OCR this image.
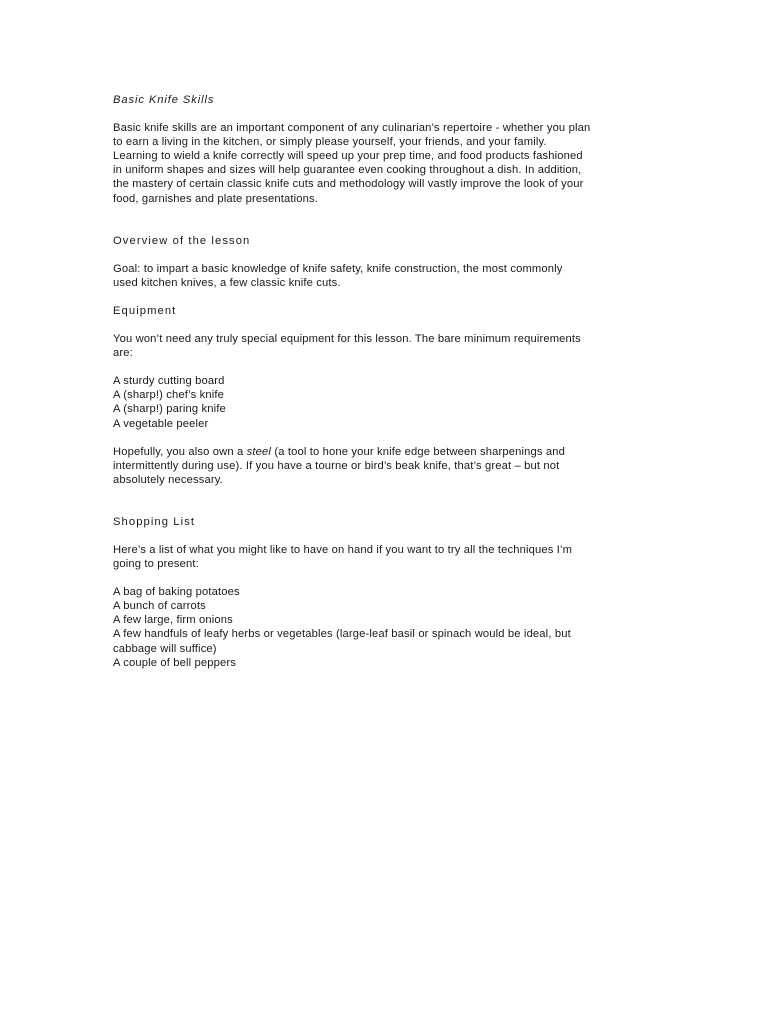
Basic Knife Skills

Basic knife skills are an important component of any culinarian’s repertoire - whether you plan
to earn a living in the kitchen, or simply please yourself, your friends, and your family.
Learning to wield a knife correctly will speed up your prep time, and food products fashioned
in uniform shapes and sizes will help guarantee even cooking throughout a dish. In addition,
the mastery of certain classic knife cuts and methodology will vastly improve the look of your
food, garnishes and plate presentations.

Overview of the lesson

Goal: to impart a basic knowledge of knife safety, knife construction, the most commonly
used kitchen knives, a few classic knife cuts.

Equipment

You won’t need any truly special equipment for this lesson. The bare minimum requirements
are:
A sturdy cutting board
A (sharp!) chef’s knife
A (sharp!) paring knife
A vegetable peeler
Hopefully, you also own a steel (a tool to hone your knife edge between sharpenings and
intermittently during use). If you have a tourne or bird’s beak knife, that’s great – but not
absolutely necessary.

Shopping List

Here’s a list of what you might like to have on hand if you want to try all the techniques I’m
going to present:
A bag of baking potatoes
A bunch of carrots
A few large, firm onions
A few handfuls of leafy herbs or vegetables (large-leaf basil or spinach would be ideal, but
cabbage will suffice)
A couple of bell peppers
